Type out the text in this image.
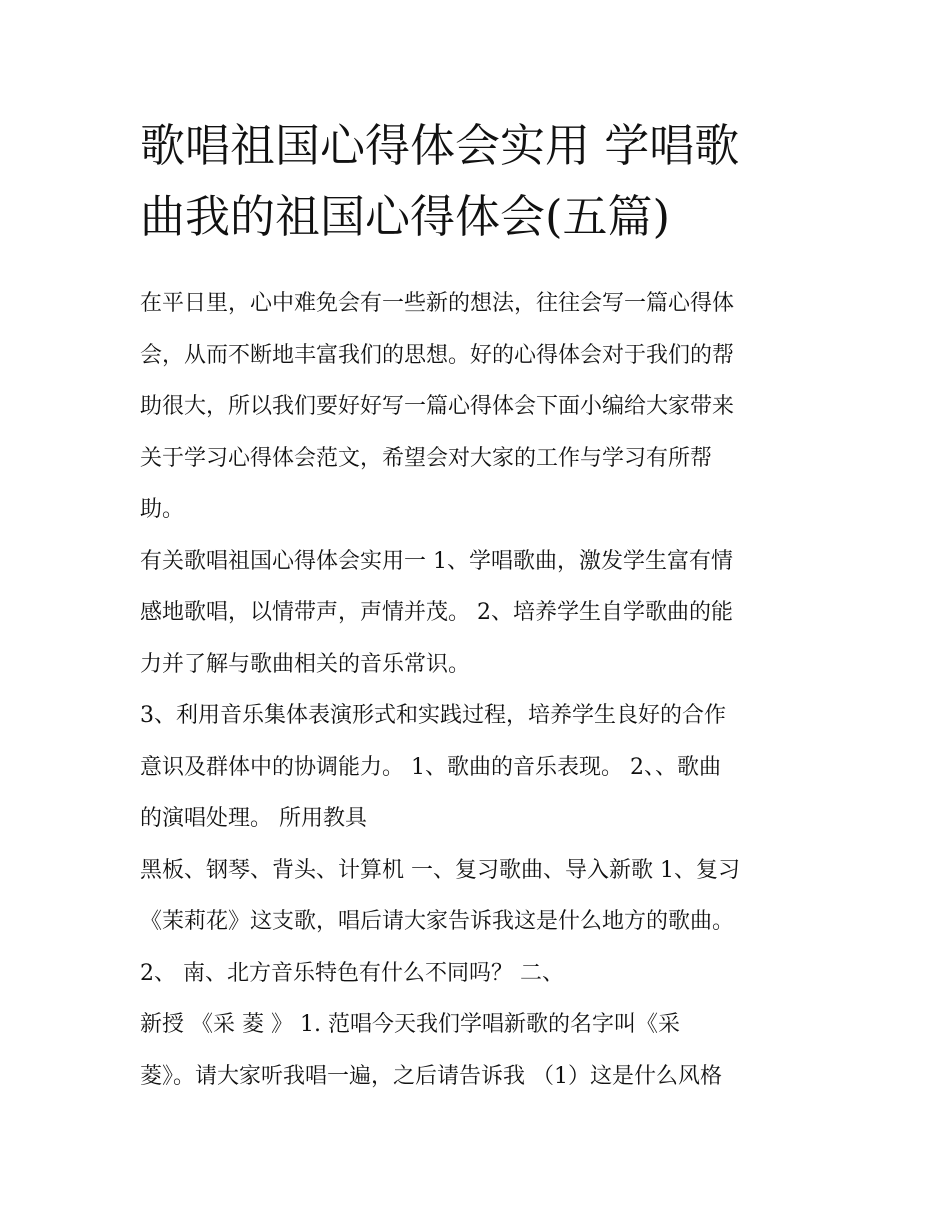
歌唱祖国心得体会实用 学唱歌
曲我的祖国心得体会(五篇)

在平日里，心中难免会有一些新的想法，往往会写一篇心得体
会，从而不断地丰富我们的思想。好的心得体会对于我们的帮
助很大，所以我们要好好写一篇心得体会下面小编给大家带来
关于学习心得体会范文，希望会对大家的工作与学习有所帮
助。

有关歌唱祖国心得体会实用一 1、学唱歌曲，激发学生富有情
感地歌唱，以情带声，声情并茂。 2、培养学生自学歌曲的能
力并了解与歌曲相关的音乐常识。

3、利用音乐集体表演形式和实践过程，培养学生良好的合作
意识及群体中的协调能力。 1、歌曲的音乐表现。 2、、歌曲
的演唱处理。 所用教具

黑板、钢琴、背头、计算机 一、复习歌曲、导入新歌 1、复习
《茉莉花》这支歌，唱后请大家告诉我这是什么地方的歌曲。
2、 南、北方音乐特色有什么不同吗？ 二、

新授 《采 菱 》 1. 范唱今天我们学唱新歌的名字叫《采
菱》。请大家听我唱一遍，之后请告诉我 （1）这是什么风格
